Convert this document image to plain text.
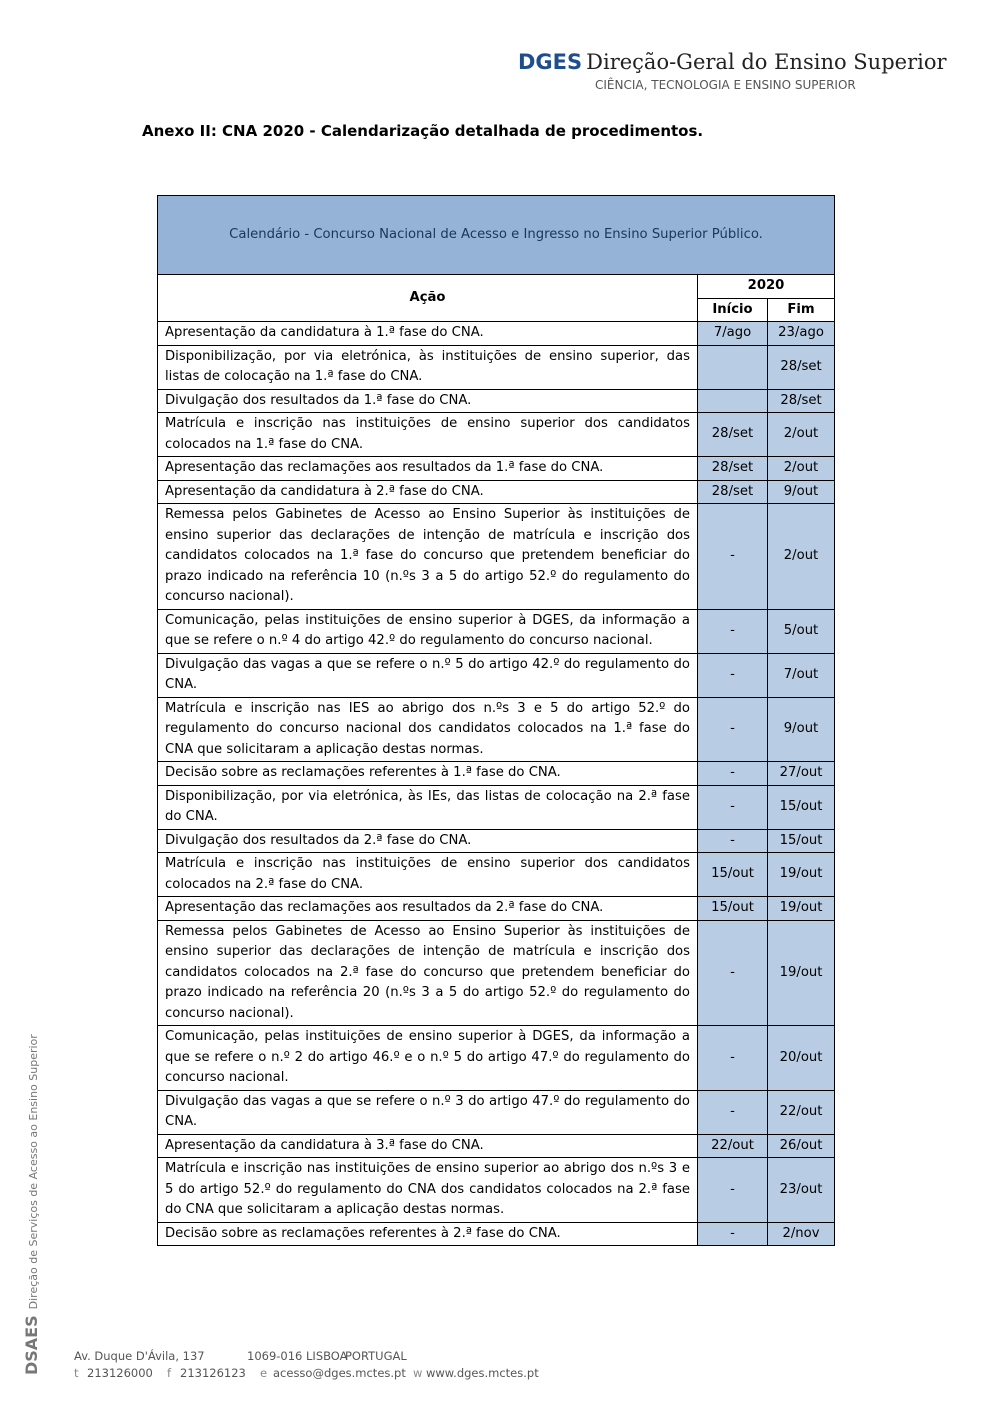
DGES Direção-Geral do Ensino Superior
CIÊNCIA, TECNOLOGIA E ENSINO SUPERIOR
Anexo II: CNA 2020 - Calendarização detalhada de procedimentos.
Calendário - Concurso Nacional de Acesso e Ingresso no Ensino Superior Público.		
Ação	2020	
	Início	Fim
Apresentação da candidatura à 1.ª fase do CNA.	7/ago	23/ago
Disponibilização, por via eletrónica, às instituições de ensino superior, das listas de colocação na 1.ª fase do CNA.		28/set
Divulgação dos resultados da 1.ª fase do CNA.		28/set
Matrícula e inscrição nas instituições de ensino superior dos candidatos colocados na 1.ª fase do CNA.	28/set	2/out
Apresentação das reclamações aos resultados da 1.ª fase do CNA.	28/set	2/out
Apresentação da candidatura à 2.ª fase do CNA.	28/set	9/out
Remessa pelos Gabinetes de Acesso ao Ensino Superior às instituições de ensino superior das declarações de intenção de matrícula e inscrição dos candidatos colocados na 1.ª fase do concurso que pretendem beneficiar do prazo indicado na referência 10 (n.ºs 3 a 5 do artigo 52.º do regulamento do concurso nacional).	-	2/out
Comunicação, pelas instituições de ensino superior à DGES, da informação a que se refere o n.º 4 do artigo 42.º do regulamento do concurso nacional.	-	5/out
Divulgação das vagas a que se refere o n.º 5 do artigo 42.º do regulamento do CNA.	-	7/out
Matrícula e inscrição nas IES ao abrigo dos n.ºs 3 e 5 do artigo 52.º do regulamento do concurso nacional dos candidatos colocados na 1.ª fase do CNA que solicitaram a aplicação destas normas.	-	9/out
Decisão sobre as reclamações referentes à 1.ª fase do CNA.	-	27/out
Disponibilização, por via eletrónica, às IEs, das listas de colocação na 2.ª fase do CNA.	-	15/out
Divulgação dos resultados da 2.ª fase do CNA.	-	15/out
Matrícula e inscrição nas instituições de ensino superior dos candidatos colocados na 2.ª fase do CNA.	15/out	19/out
Apresentação das reclamações aos resultados da 2.ª fase do CNA.	15/out	19/out
Remessa pelos Gabinetes de Acesso ao Ensino Superior às instituições de ensino superior das declarações de intenção de matrícula e inscrição dos candidatos colocados na 2.ª fase do concurso que pretendem beneficiar do prazo indicado na referência 20 (n.ºs 3 a 5 do artigo 52.º do regulamento do concurso nacional).	-	19/out
Comunicação, pelas instituições de ensino superior à DGES, da informação a que se refere o n.º 2 do artigo 46.º e o n.º 5 do artigo 47.º do regulamento do concurso nacional.	-	20/out
Divulgação das vagas a que se refere o n.º 3 do artigo 47.º do regulamento do CNA.	-	22/out
Apresentação da candidatura à 3.ª fase do CNA.	22/out	26/out
Matrícula e inscrição nas instituições de ensino superior ao abrigo dos n.ºs 3 e 5 do artigo 52.º do regulamento do CNA dos candidatos colocados na 2.ª fase do CNA que solicitaram a aplicação destas normas.	-	23/out
Decisão sobre as reclamações referentes à 2.ª fase do CNA.	-	2/nov
DSAESDireção de Serviços de Acesso ao Ensino Superior
Av. Duque D'Ávila, 137	1069-016 LISBOAPORTUGAL
t 213126000 f 213126123 e acesso@dges.mctes.pt w www.dges.mctes.pt
